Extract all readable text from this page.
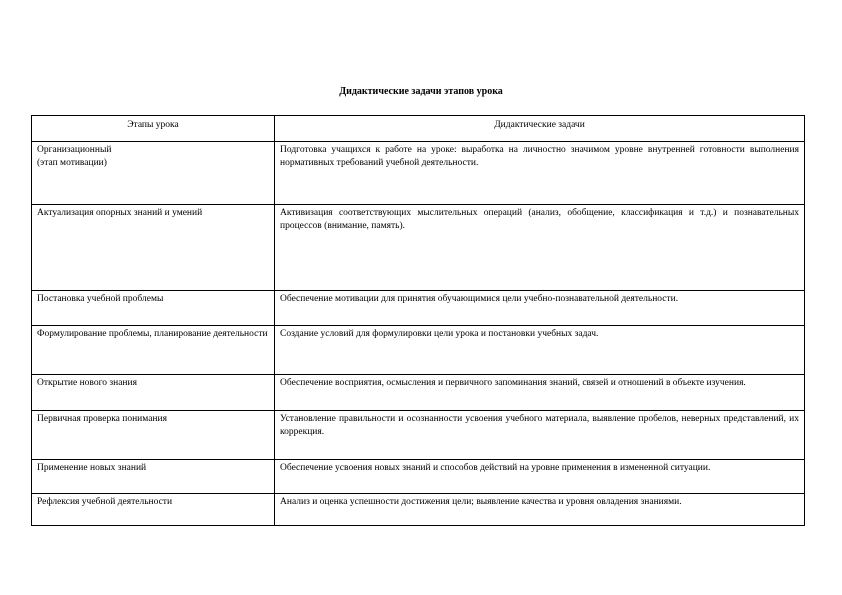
Дидактические задачи этапов урока
Этапы урока	Дидактические задачи

Организационный
(этап мотивации)	Подготовка учащихся к работе на уроке: выработка на личностно значимом уровне внутренней готовности выполнения нормативных требований учебной деятельности.
Актуализация опорных знаний и умений	Активизация соответствующих мыслительных операций (анализ, обобщение, классификация и т.д.) и познавательных процессов (внимание, память).
Постановка учебной проблемы	Обеспечение мотивации для принятия обучающимися цели учебно-познавательной деятельности.
Формулирование проблемы, планирование деятельности	Создание условий для формулировки цели урока и постановки учебных задач.
Открытие нового знания	Обеспечение восприятия, осмысления и первичного запоминания знаний, связей и отношений в объекте изучения.
Первичная проверка понимания	Установление правильности и осознанности усвоения учебного материала, выявление пробелов, неверных представлений, их коррекция.
Применение новых знаний	Обеспечение усвоения новых знаний и способов действий на уровне применения в измененной ситуации.
Рефлексия учебной деятельности	Анализ и оценка успешности достижения цели; выявление качества и уровня овладения знаниями.
